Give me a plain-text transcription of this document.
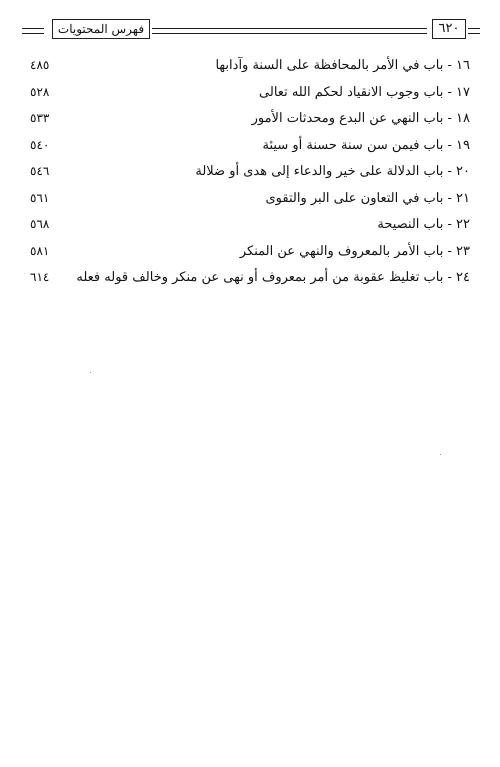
فهرس المحتويات	٦٢٠
٤٨٥	١٦ - باب في الأمر بالمحافظة على السنة وآدابها
٥٢٨	١٧ - باب وجوب الانقياد لحكم الله تعالى
٥٣٣	١٨ - باب النهي عن البدع ومحدثات الأمور
٥٤٠	١٩ - باب فيمن سن سنة حسنة أو سيئة
٥٤٦	٢٠ - باب الدلالة على خير والدعاء إلى هدى أو ضلالة
٥٦١	٢١ - باب في التعاون على البر والتقوى
٥٦٨	٢٢ - باب النصيحة
٥٨١	٢٣ - باب الأمر بالمعروف والنهي عن المنكر
٦١٤	٢٤ - باب تغليظ عقوبة من أمر بمعروف أو نهى عن منكر وخالف قوله فعله
